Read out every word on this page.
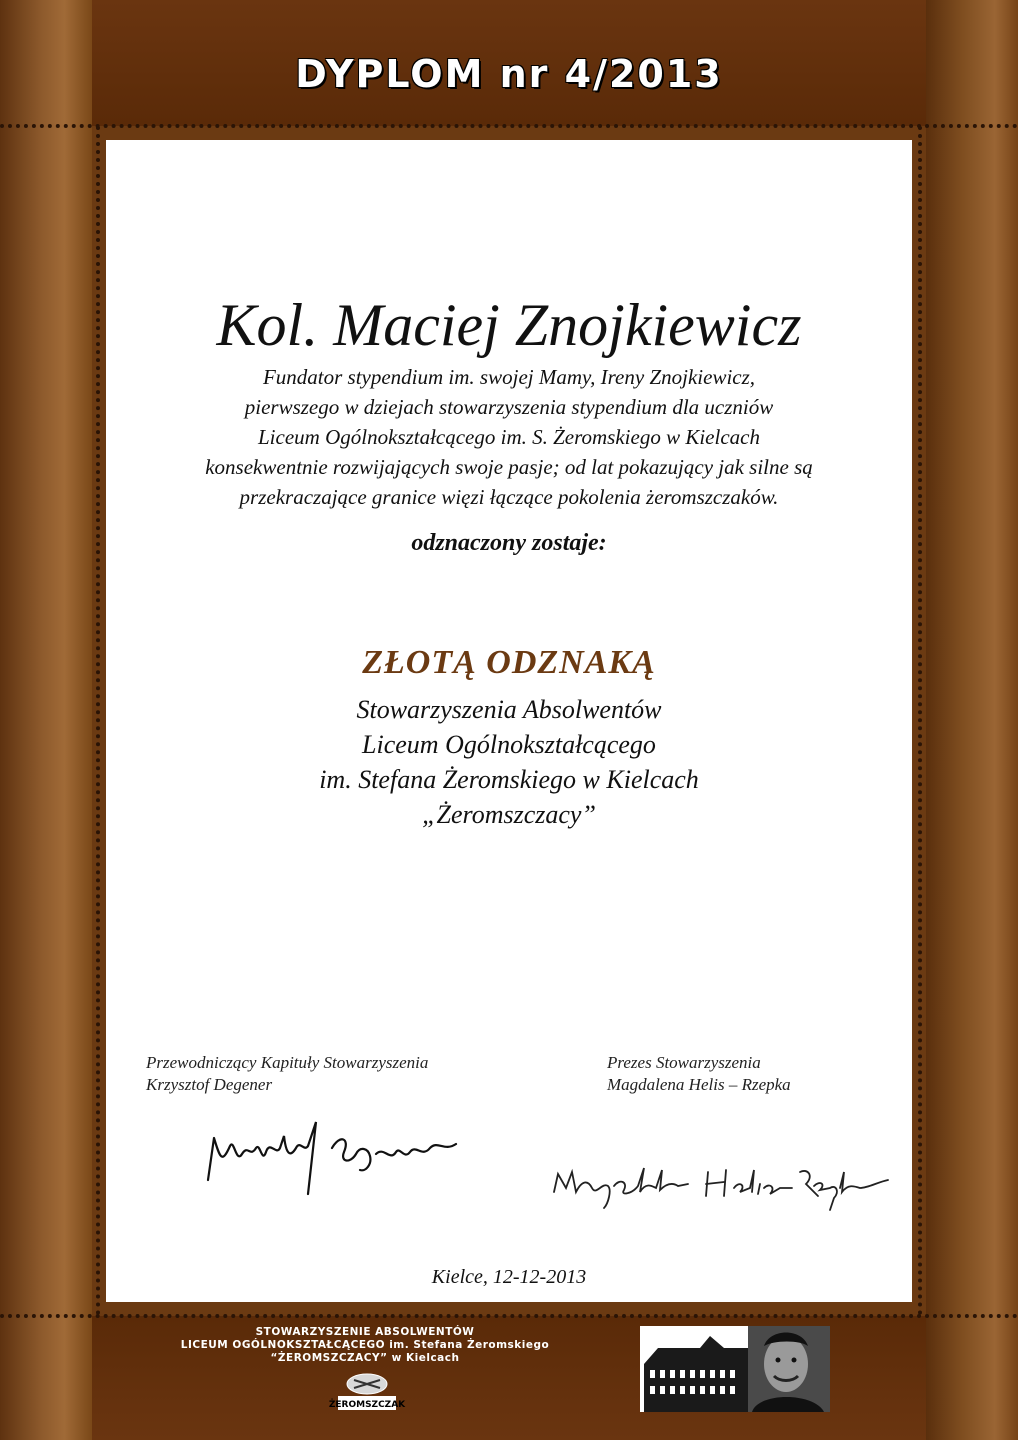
DYPLOM nr 4/2013
Kol. Maciej Znojkiewicz
Fundator stypendium im. swojej Mamy, Ireny Znojkiewicz,
pierwszego w dziejach stowarzyszenia stypendium dla uczniów
Liceum Ogólnokształcącego im. S. Żeromskiego w Kielcach
konsekwentnie rozwijających swoje pasje; od lat pokazujący jak silne są
przekraczające granice więzi łączące pokolenia żeromszczaków.
odznaczony zostaje:
ZŁOTĄ ODZNAKĄ
Stowarzyszenia Absolwentów
Liceum Ogólnokształcącego
im. Stefana Żeromskiego w Kielcach
„Żeromszczacy”
Przewodniczący Kapituły Stowarzyszenia
Krzysztof Degener
Prezes Stowarzyszenia
Magdalena Helis – Rzepka
Kielce, 12-12-2013
STOWARZYSZENIE ABSOLWENTÓW
LICEUM OGÓLNOKSZTAŁCĄCEGO im. Stefana Żeromskiego
“ŻEROMSZCZACY” w Kielcach
ŻEROMSZCZAK
